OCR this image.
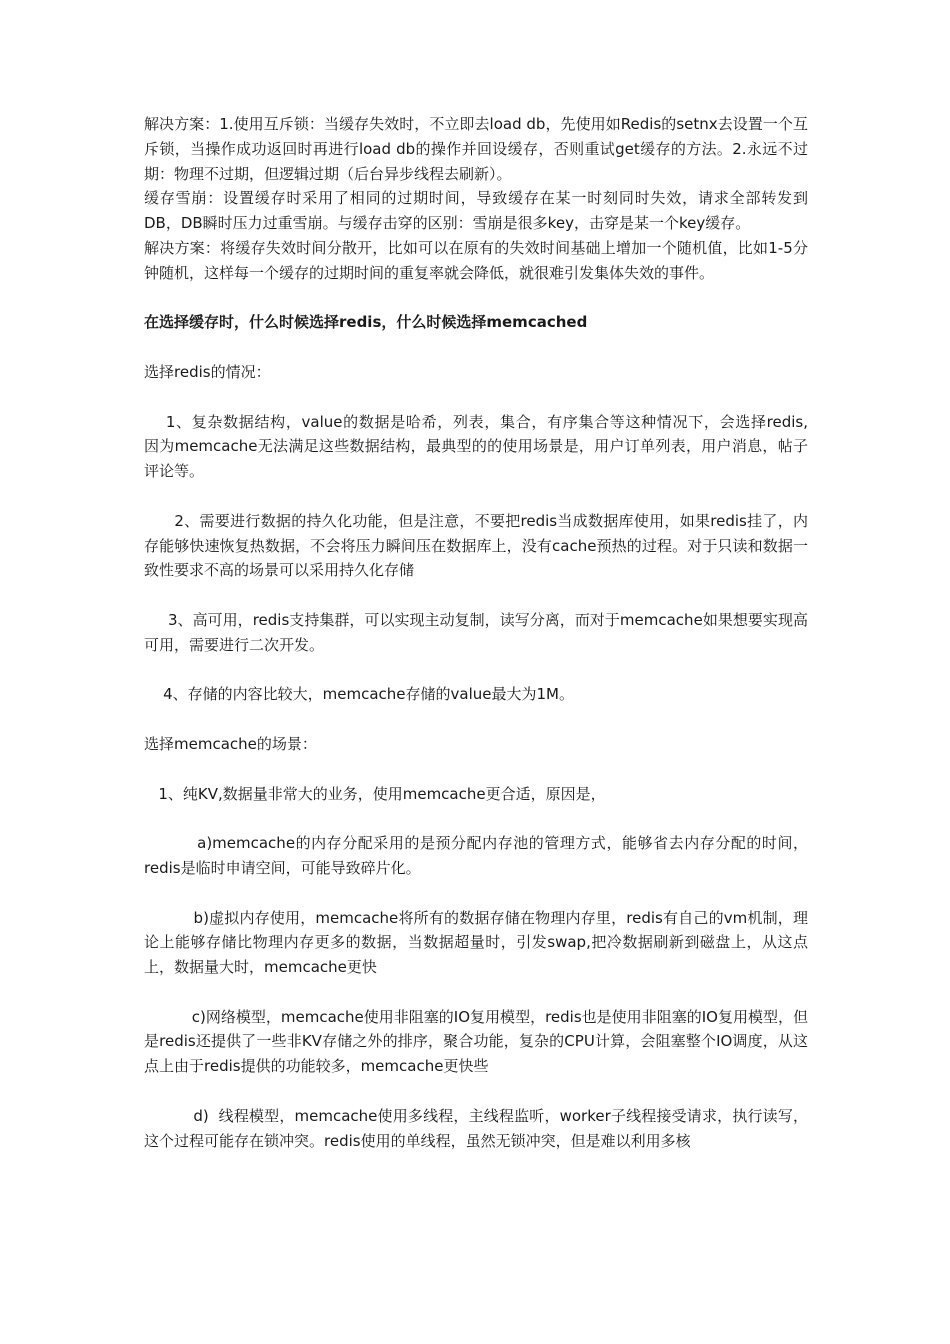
解决方案：1.使用互斥锁：当缓存失效时，不立即去load db，先使用如Redis的setnx去设置一个互斥锁，当操作成功返回时再进行load db的操作并回设缓存，否则重试get缓存的方法。2.永远不过期：物理不过期，但逻辑过期（后台异步线程去刷新）。

缓存雪崩：设置缓存时采用了相同的过期时间，导致缓存在某一时刻同时失效，请求全部转发到DB，DB瞬时压力过重雪崩。与缓存击穿的区别：雪崩是很多key，击穿是某一个key缓存。

解决方案：将缓存失效时间分散开，比如可以在原有的失效时间基础上增加一个随机值，比如1-5分钟随机，这样每一个缓存的过期时间的重复率就会降低，就很难引发集体失效的事件。

在选择缓存时，什么时候选择redis，什么时候选择memcached

选择redis的情况：

1、复杂数据结构，value的数据是哈希，列表，集合，有序集合等这种情况下，会选择redis,     因为memcache无法满足这些数据结构，最典型的的使用场景是，用户订单列表，用户消息，帖子评论等。

2、需要进行数据的持久化功能，但是注意，不要把redis当成数据库使用，如果redis挂了，内存能够快速恢复热数据，不会将压力瞬间压在数据库上，没有cache预热的过程。对于只读和数据一致性要求不高的场景可以采用持久化存储

3、高可用，redis支持集群，可以实现主动复制，读写分离，而对于memcache如果想要实现高可用，需要进行二次开发。

4、存储的内容比较大，memcache存储的value最大为1M。

选择memcache的场景：

1、纯KV,数据量非常大的业务，使用memcache更合适，原因是，

a)memcache的内存分配采用的是预分配内存池的管理方式，能够省去内存分配的时间，redis是临时申请空间，可能导致碎片化。

b)虚拟内存使用，memcache将所有的数据存储在物理内存里，redis有自己的vm机制，理论上能够存储比物理内存更多的数据，当数据超量时，引发swap,把冷数据刷新到磁盘上，从这点上，数据量大时，memcache更快

c)网络模型，memcache使用非阻塞的IO复用模型，redis也是使用非阻塞的IO复用模型，但是redis还提供了一些非KV存储之外的排序，聚合功能，复杂的CPU计算，会阻塞整个IO调度，从这点上由于redis提供的功能较多，memcache更快些

d)  线程模型，memcache使用多线程，主线程监听，worker子线程接受请求，执行读写，这个过程可能存在锁冲突。redis使用的单线程，虽然无锁冲突，但是难以利用多核
